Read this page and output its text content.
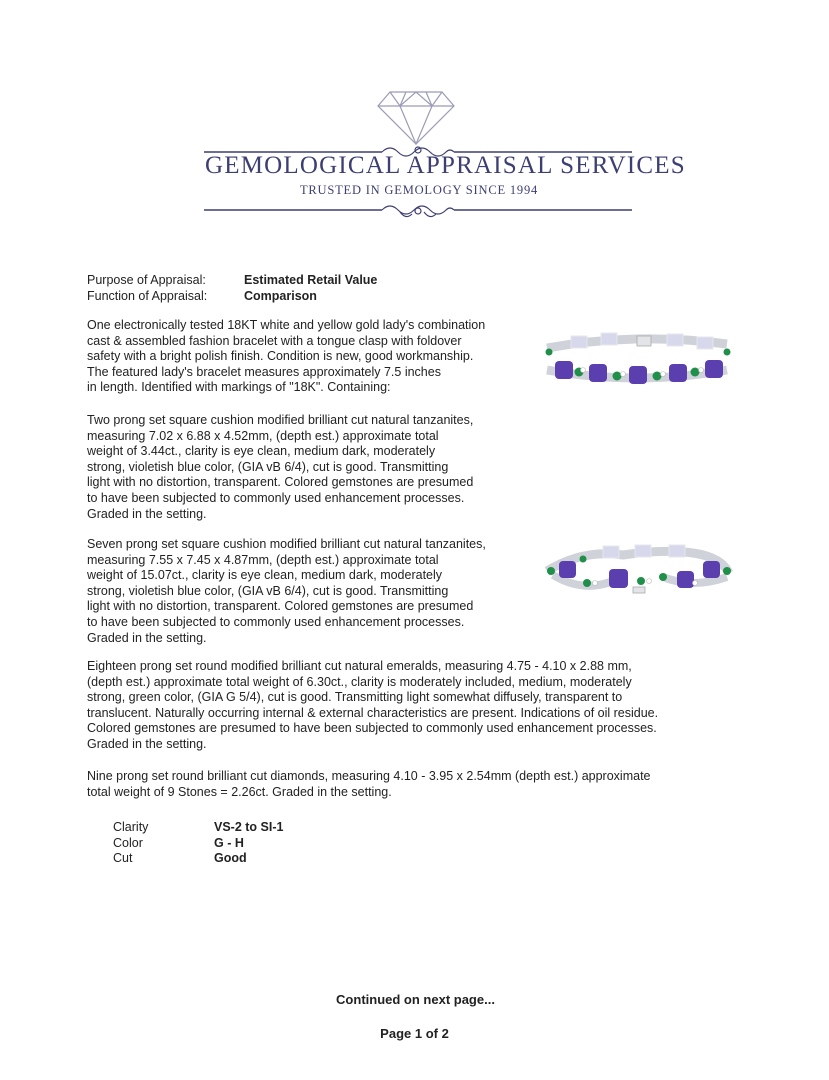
GEMOLOGICAL APPRAISAL SERVICES
TRUSTED IN GEMOLOGY SINCE 1994
Purpose of Appraisal:	Estimated Retail Value
Function of Appraisal:	Comparison

One electronically tested 18KT white and yellow gold lady's combination
cast & assembled fashion bracelet with a tongue clasp with foldover
safety with a bright polish finish. Condition is new, good workmanship.
The featured lady's bracelet measures approximately 7.5 inches
in length. Identified with markings of "18K". Containing:

Two prong set square cushion modified brilliant cut natural tanzanites,
measuring 7.02 x 6.88 x 4.52mm, (depth est.) approximate total
weight of 3.44ct., clarity is eye clean, medium dark, moderately
strong, violetish blue color, (GIA vB 6/4), cut is good. Transmitting
light with no distortion, transparent. Colored gemstones are presumed
to have been subjected to commonly used enhancement processes.
Graded in the setting.

Seven prong set square cushion modified brilliant cut natural tanzanites,
measuring 7.55 x 7.45 x 4.87mm, (depth est.) approximate total
weight of 15.07ct., clarity is eye clean, medium dark, moderately
strong, violetish blue color, (GIA vB 6/4), cut is good. Transmitting
light with no distortion, transparent. Colored gemstones are presumed
to have been subjected to commonly used enhancement processes.
Graded in the setting.

Eighteen prong set round modified brilliant cut natural emeralds, measuring 4.75 - 4.10 x 2.88 mm,
(depth est.) approximate total weight of 6.30ct., clarity is moderately included, medium, moderately
strong, green color, (GIA G 5/4), cut is good. Transmitting light somewhat diffusely, transparent to
translucent. Naturally occurring internal & external characteristics are present. Indications of oil residue.
Colored gemstones are presumed to have been subjected to commonly used enhancement processes.
Graded in the setting.

Nine prong set round brilliant cut diamonds, measuring 4.10 - 3.95 x 2.54mm (depth est.) approximate
total weight of 9 Stones = 2.26ct. Graded in the setting.

Clarity	VS-2 to SI-1
Color	G - H
Cut	Good
Continued on next page...
Page 1 of 2
